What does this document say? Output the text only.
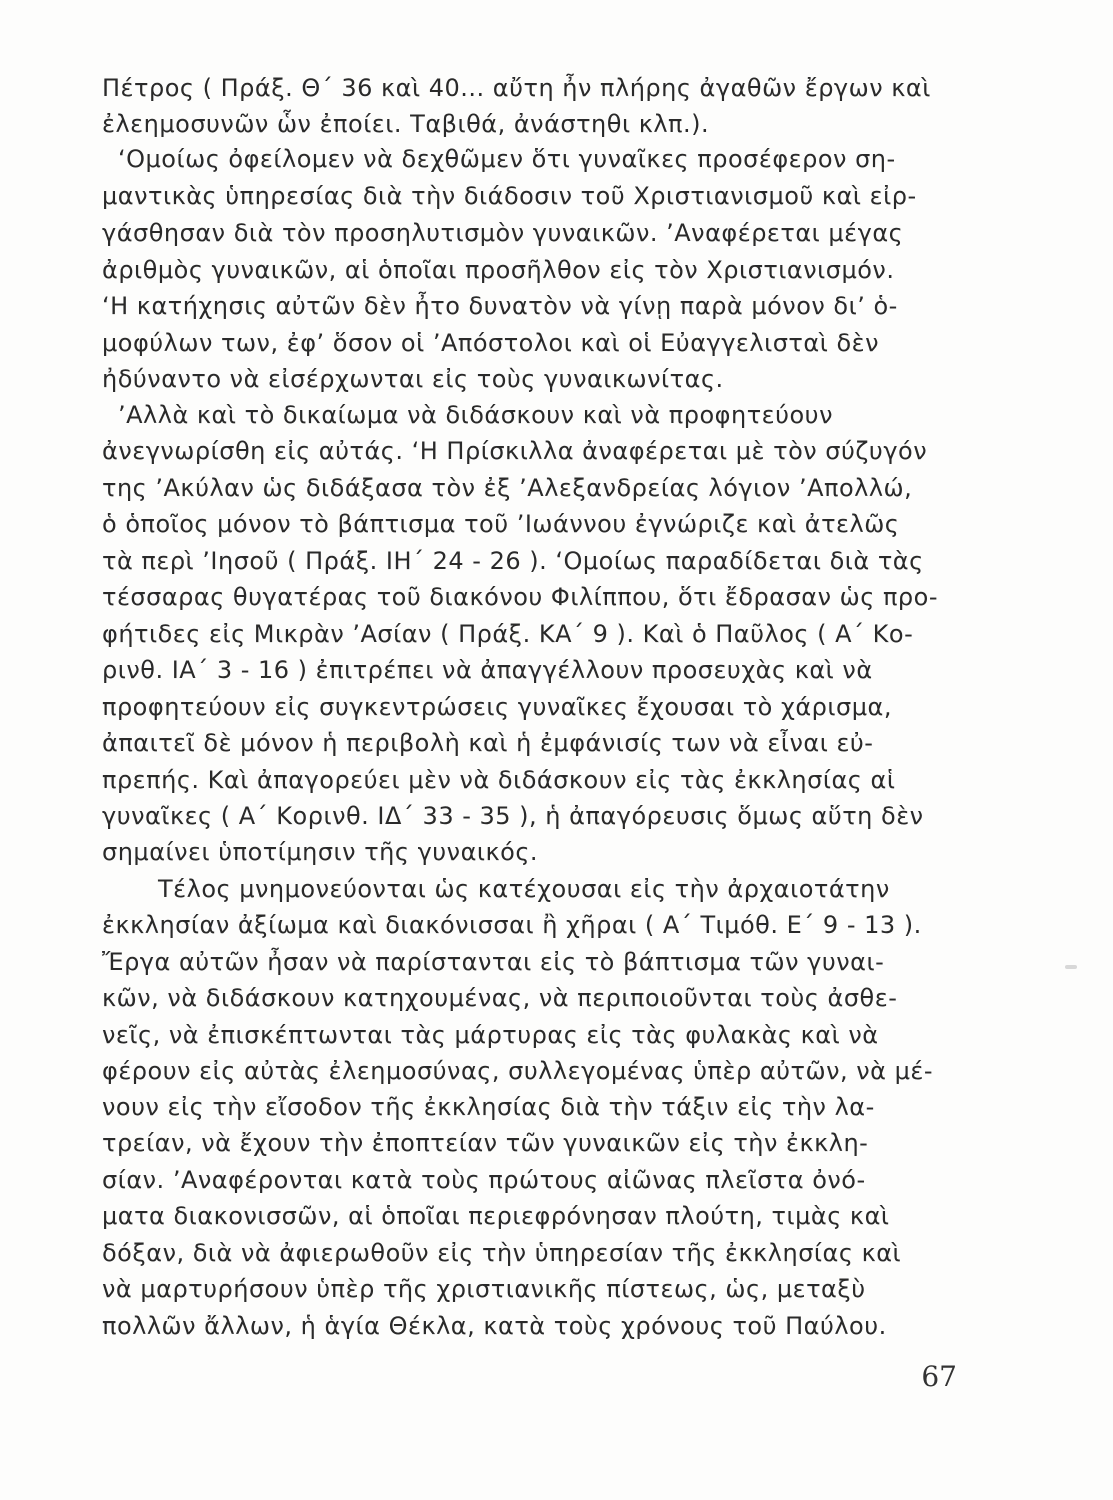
Πέτρος ( Πράξ. Θ΄ 36 καὶ 40... αὔτη ἦν πλήρης ἀγαθῶν ἔργων καὶ
ἐλεημοσυνῶν ὧν ἐποίει. Ταβιθά, ἀνάστηθι κλπ.).
‘Ομοίως ὀφείλομεν νὰ δεχθῶμεν ὅτι γυναῖκες προσέφερον ση-
μαντικὰς ὑπηρεσίας διὰ τὴν διάδοσιν τοῦ Χριστιανισμοῦ καὶ εἰρ-
γάσθησαν διὰ τὸν προσηλυτισμὸν γυναικῶν. ’Αναφέρεται μέγας
ἀριθμὸς γυναικῶν, αἱ ὁποῖαι προσῆλθον εἰς τὸν Χριστιανισμόν.
‘Η κατήχησις αὐτῶν δὲν ἦτο δυνατὸν νὰ γίνῃ παρὰ μόνον δι’ ὁ-
μοφύλων των, ἐφ’ ὅσον οἱ ’Απόστολοι καὶ οἱ Εὐαγγελισταὶ δὲν
ἠδύναντο νὰ εἰσέρχωνται εἰς τοὺς γυναικωνίτας.
’Αλλὰ καὶ τὸ δικαίωμα νὰ διδάσκουν καὶ νὰ προφητεύουν
ἀνεγνωρίσθη εἰς αὐτάς. ‘Η Πρίσκιλλα ἀναφέρεται μὲ τὸν σύζυγόν
της ’Ακύλαν ὡς διδάξασα τὸν ἐξ ’Αλεξανδρείας λόγιον ’Απολλώ,
ὁ ὁποῖος μόνον τὸ βάπτισμα τοῦ ’Ιωάννου ἐγνώριζε καὶ ἀτελῶς
τὰ περὶ ’Ιησοῦ ( Πράξ. ΙΗ΄ 24 - 26 ). ‘Ομοίως παραδίδεται διὰ τὰς
τέσσαρας θυγατέρας τοῦ διακόνου Φιλίππου, ὅτι ἔδρασαν ὡς προ-
φήτιδες εἰς Μικρὰν ’Ασίαν ( Πράξ. ΚΑ΄ 9 ). Καὶ ὁ Παῦλος ( Α΄ Κο-
ρινθ. ΙΑ΄ 3 - 16 ) ἐπιτρέπει νὰ ἀπαγγέλλουν προσευχὰς καὶ νὰ
προφητεύουν εἰς συγκεντρώσεις γυναῖκες ἔχουσαι τὸ χάρισμα,
ἀπαιτεῖ δὲ μόνον ἡ περιβολὴ καὶ ἡ ἐμφάνισίς των νὰ εἶναι εὐ-
πρεπής. Καὶ ἀπαγορεύει μὲν νὰ διδάσκουν εἰς τὰς ἐκκλησίας αἱ
γυναῖκες ( Α΄ Κορινθ. ΙΔ΄ 33 - 35 ), ἡ ἀπαγόρευσις ὅμως αὕτη δὲν
σημαίνει ὑποτίμησιν τῆς γυναικός.
Τέλος μνημονεύονται ὡς κατέχουσαι εἰς τὴν ἀρχαιοτάτην
ἐκκλησίαν ἀξίωμα καὶ διακόνισσαι ἢ χῆραι ( Α΄ Τιμόθ. Ε΄ 9 - 13 ).
Ἔργα αὐτῶν ἦσαν νὰ παρίστανται εἰς τὸ βάπτισμα τῶν γυναι-
κῶν, νὰ διδάσκουν κατηχουμένας, νὰ περιποιοῦνται τοὺς ἀσθε-
νεῖς, νὰ ἐπισκέπτωνται τὰς μάρτυρας εἰς τὰς φυλακὰς καὶ νὰ
φέρουν εἰς αὐτὰς ἐλεημοσύνας, συλλεγομένας ὑπὲρ αὐτῶν, νὰ μέ-
νουν εἰς τὴν εἴσοδον τῆς ἐκκλησίας διὰ τὴν τάξιν εἰς τὴν λα-
τρείαν, νὰ ἔχουν τὴν ἐποπτείαν τῶν γυναικῶν εἰς τὴν ἐκκλη-
σίαν. ’Αναφέρονται κατὰ τοὺς πρώτους αἰῶνας πλεῖστα ὀνό-
ματα διακονισσῶν, αἱ ὁποῖαι περιεφρόνησαν πλούτη, τιμὰς καὶ
δόξαν, διὰ νὰ ἀφιερωθοῦν εἰς τὴν ὑπηρεσίαν τῆς ἐκκλησίας καὶ
νὰ μαρτυρήσουν ὑπὲρ τῆς χριστιανικῆς πίστεως, ὡς, μεταξὺ
πολλῶν ἄλλων, ἡ ἁγία Θέκλα, κατὰ τοὺς χρόνους τοῦ Παύλου.
67
